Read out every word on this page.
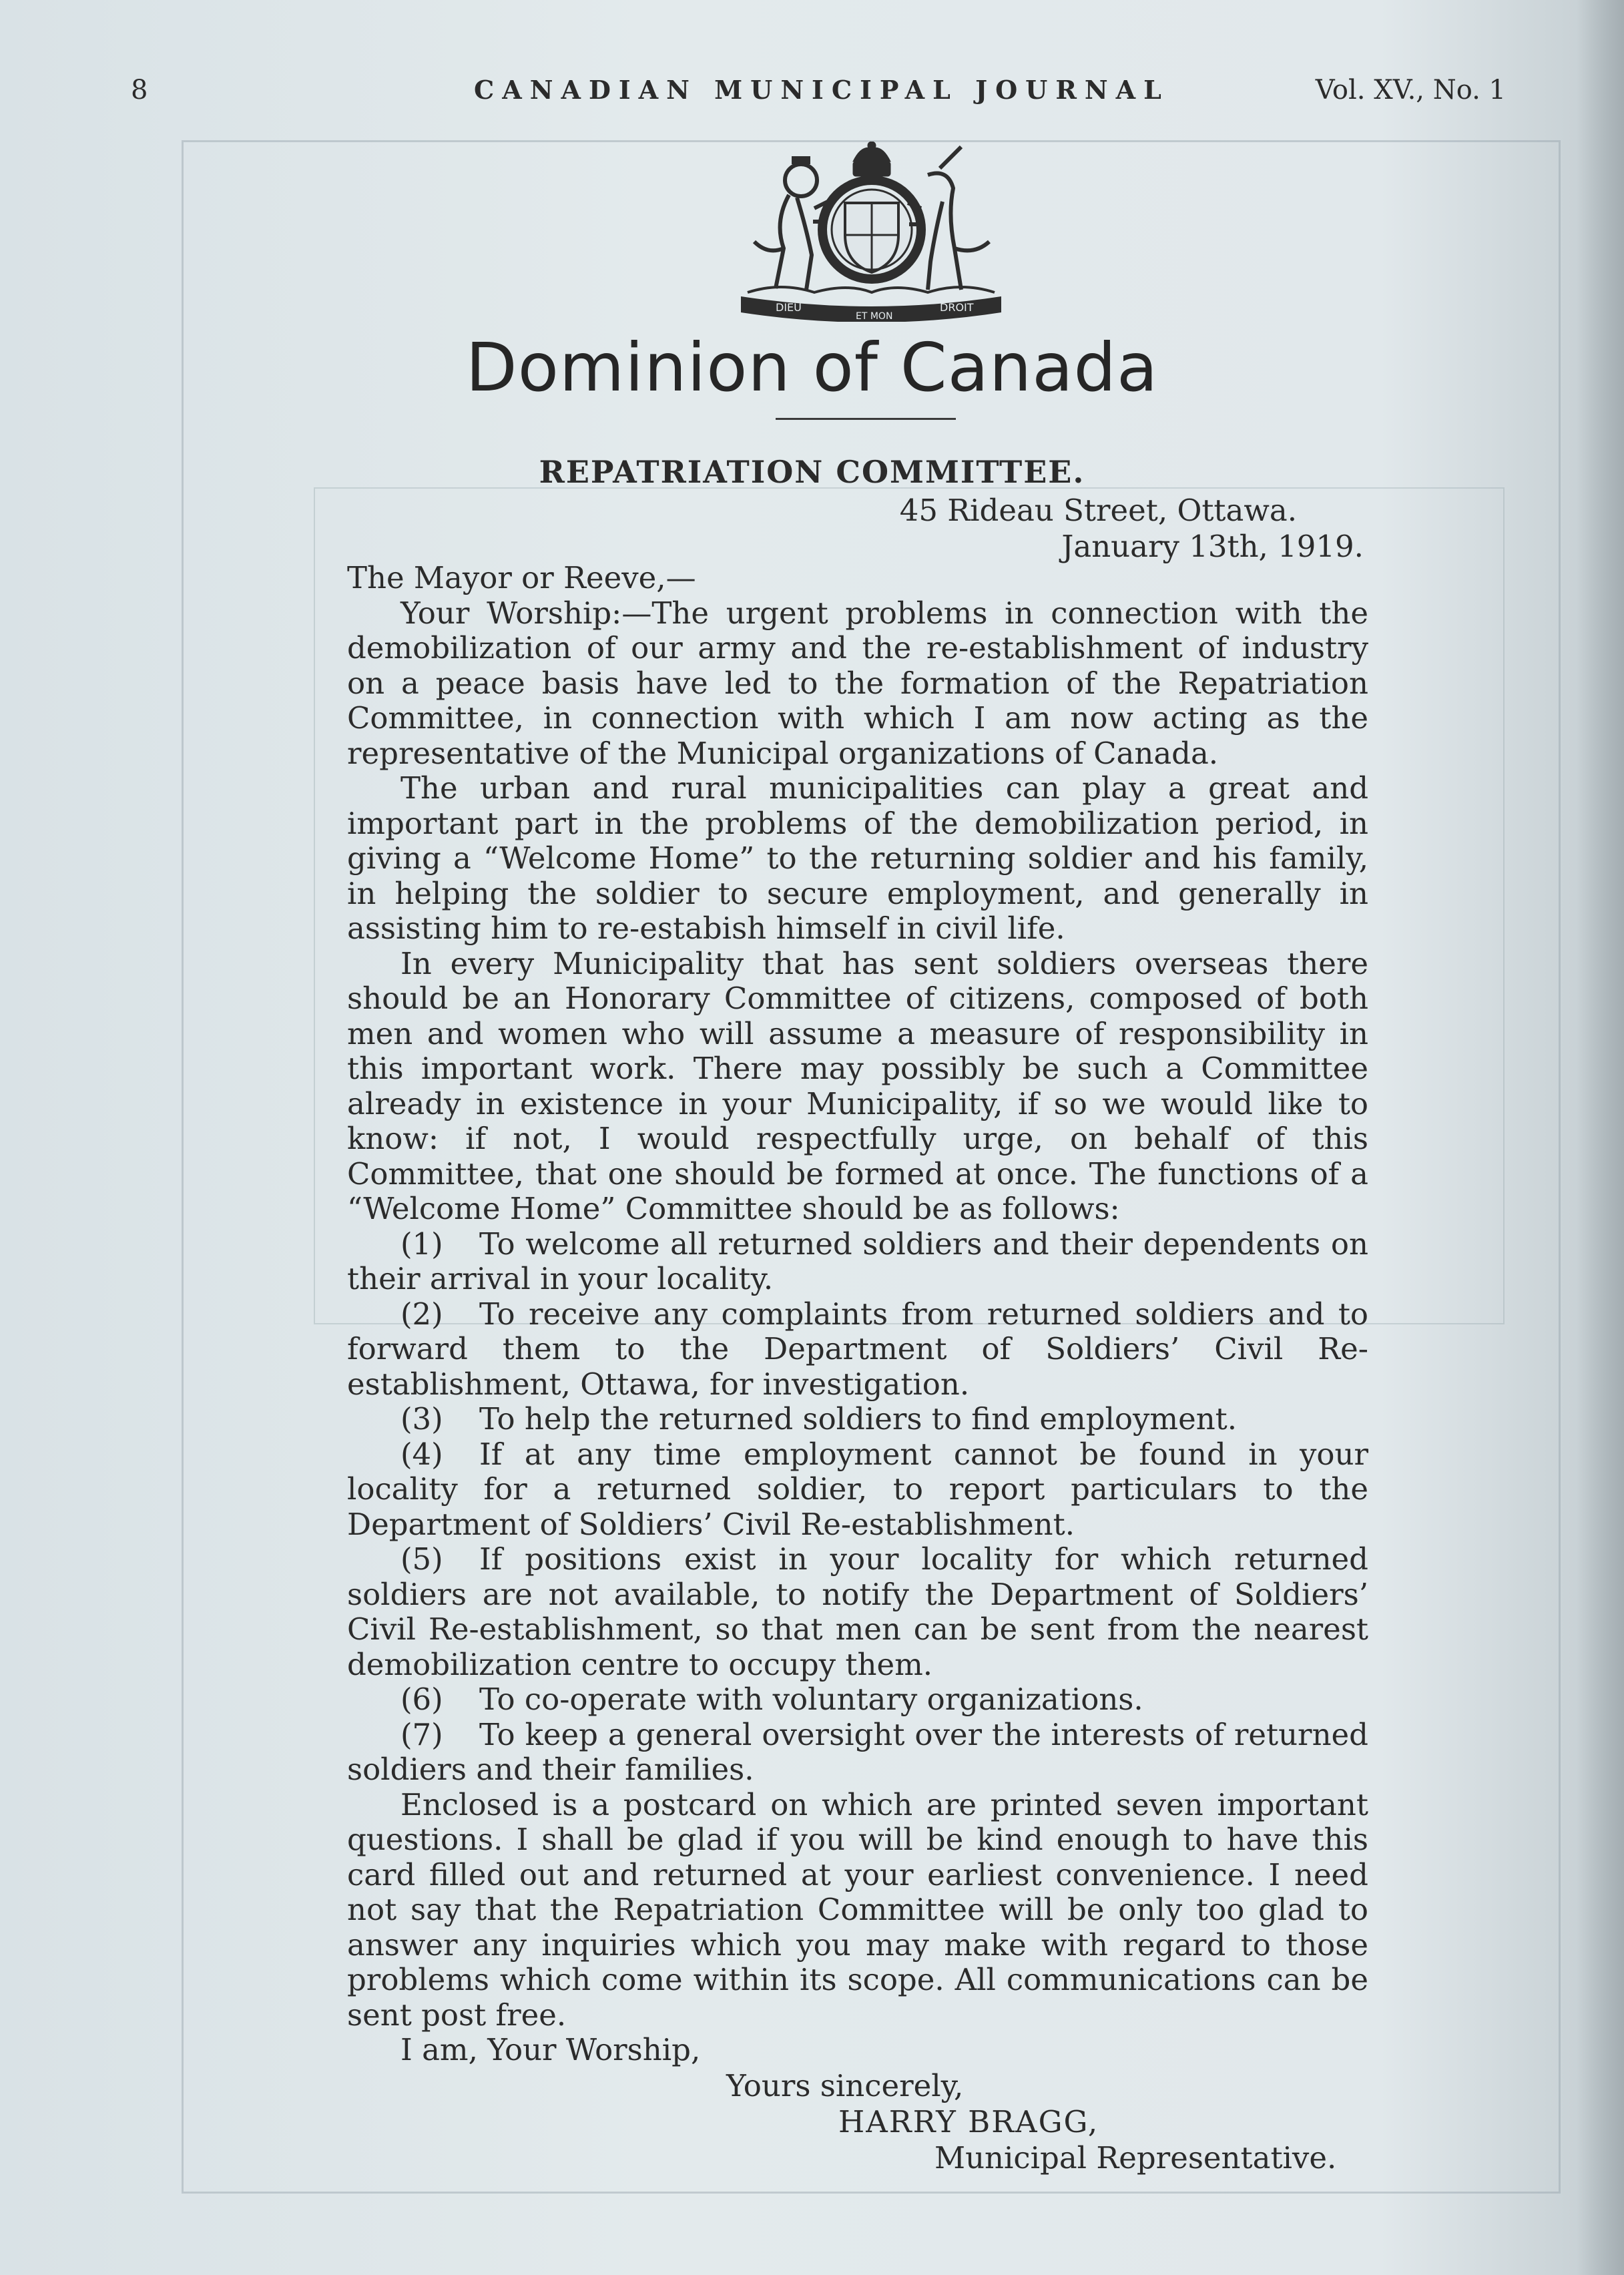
8	CANADIAN MUNICIPAL JOURNAL	Vol. XV., No. 1
DIEU
ET MON
DROIT
Dominion of Canada
REPATRIATION COMMITTEE.
45 Rideau Street, Ottawa.
January 13th, 1919.

The Mayor or Reeve,—

Your Worship:—The urgent problems in connection with the demobilization of our army and the re-establishment of industry on a peace basis have led to the formation of the Repatriation Committee, in connection with which I am now acting as the representative of the Municipal organizations of Canada.

The urban and rural municipalities can play a great and important part in the problems of the demobilization period, in giving a “Welcome Home” to the returning soldier and his family, in helping the soldier to secure employment, and generally in assisting him to re-estabish himself in civil life.

In every Municipality that has sent soldiers overseas there should be an Honorary Committee of citizens, composed of both men and women who will assume a measure of responsibility in this important work. There may possibly be such a Committee already in existence in your Municipality, if so we would like to know: if not, I would respectfully urge, on behalf of this Committee, that one should be formed at once. The functions of a “Welcome Home” Committee should be as follows:

(1) To welcome all returned soldiers and their dependents on their arrival in your locality.

(2) To receive any complaints from returned soldiers and to forward them to the Department of Soldiers’ Civil Re-establishment, Ottawa, for investigation.

(3) To help the returned soldiers to find employment.

(4) If at any time employment cannot be found in your locality for a returned soldier, to report particulars to the Department of Soldiers’ Civil Re-establishment.

(5) If positions exist in your locality for which returned soldiers are not available, to notify the Department of Soldiers’ Civil Re-establishment, so that men can be sent from the nearest demobilization centre to occupy them.

(6) To co-operate with voluntary organizations.

(7) To keep a general oversight over the interests of returned soldiers and their families.

Enclosed is a postcard on which are printed seven important questions. I shall be glad if you will be kind enough to have this card filled out and returned at your earliest convenience. I need not say that the Repatriation Committee will be only too glad to answer any inquiries which you may make with regard to those problems which come within its scope. All communications can be sent post free.

I am, Your Worship,

Yours sincerely,
HARRY BRAGG,
Municipal Representative.
